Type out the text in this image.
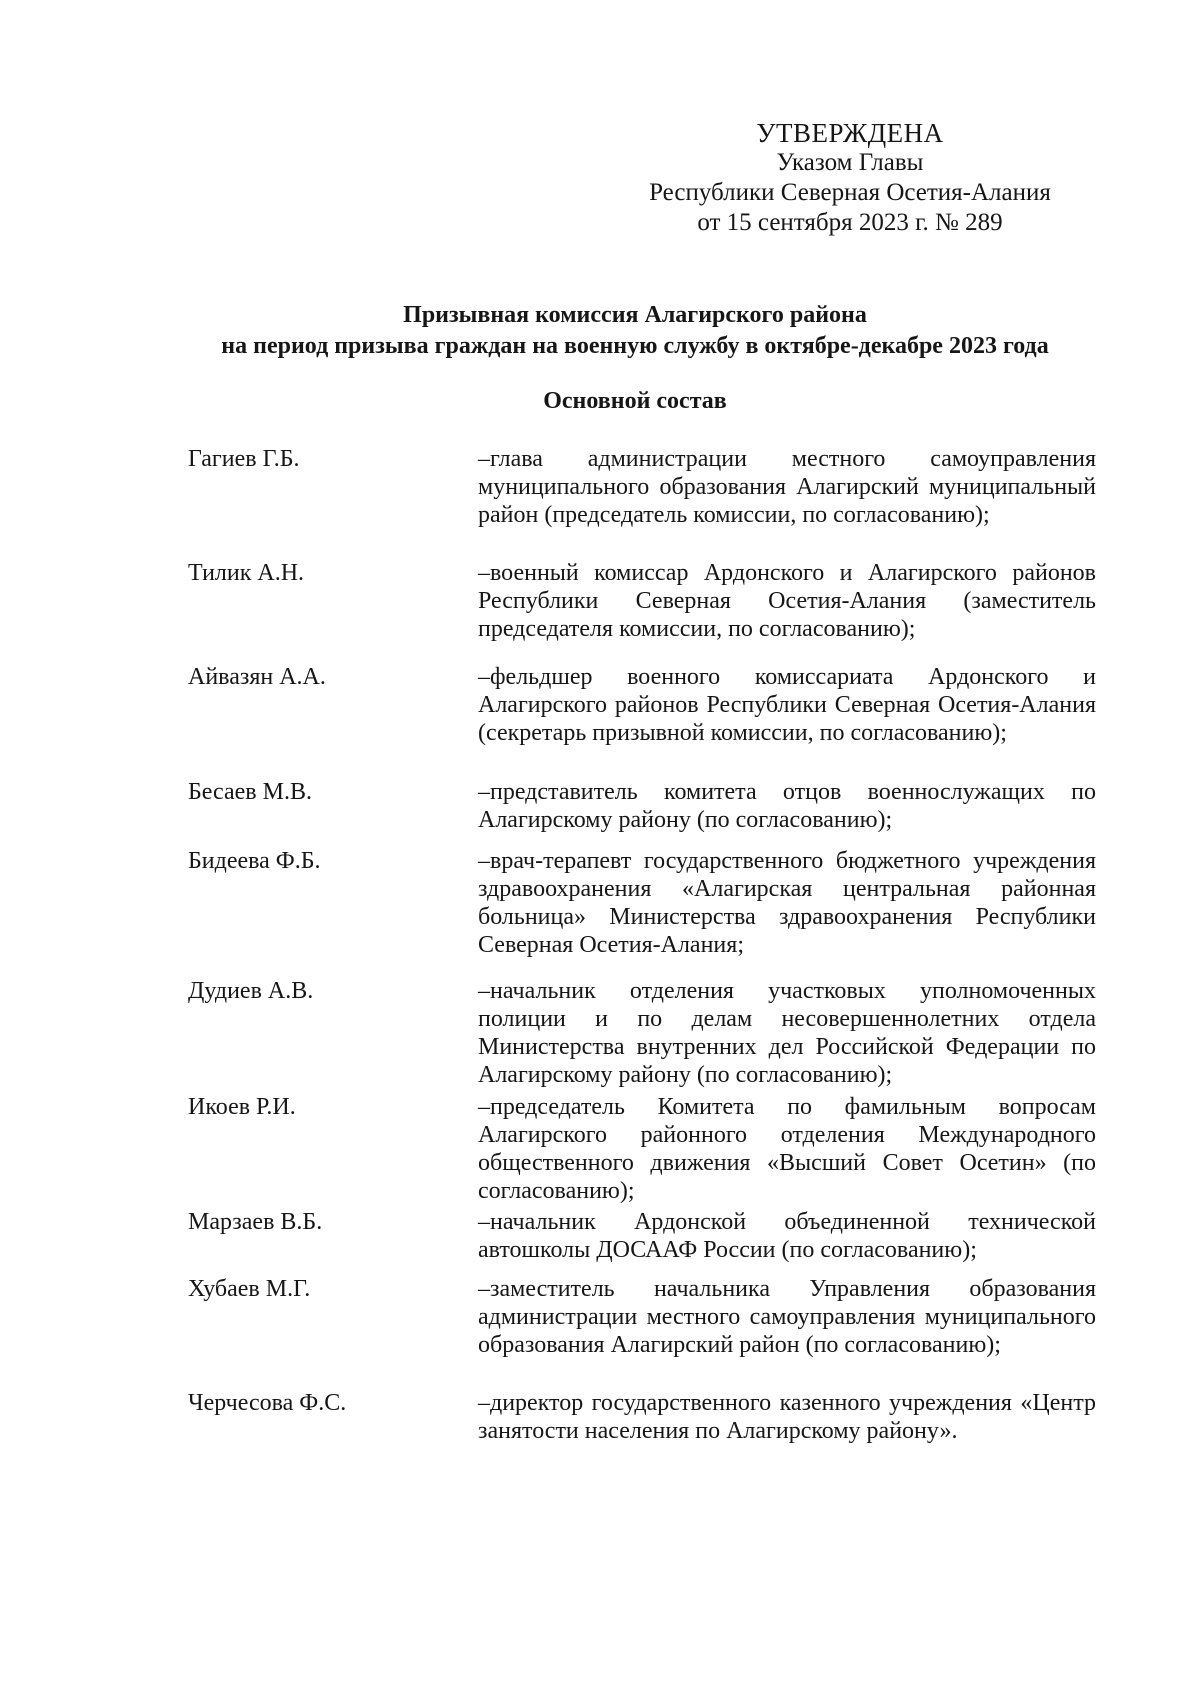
УТВЕРЖДЕНА
Указом Главы
Республики Северная Осетия-Алания
от 15 сентября 2023 г. № 289
Призывная комиссия Алагирского района
на период призыва граждан на военную службу в октябре-декабре 2023 года
Основной состав
Гагиев Г.Б.	–глава администрации местного самоуправления муниципального образования Алагирский муниципальный район (председатель комиссии, по согласованию);
Тилик А.Н.	–военный комиссар Ардонского и Алагирского районов Республики Северная Осетия-Алания (заместитель председателя комиссии, по согласованию);
Айвазян А.А.	–фельдшер военного комиссариата Ардонского и Алагирского районов Республики Северная Осетия-Алания (секретарь призывной комиссии, по согласованию);
Бесаев М.В.	–представитель комитета отцов военнослужащих по Алагирскому району (по согласованию);
Бидеева Ф.Б.	–врач-терапевт государственного бюджетного учреждения здравоохранения «Алагирская центральная районная больница» Министерства здравоохранения Республики Северная Осетия-Алания;
Дудиев А.В.	–начальник отделения участковых уполномоченных полиции и по делам несовершеннолетних отдела Министерства внутренних дел Российской Федерации по Алагирскому району (по согласованию);
Икоев Р.И.	–председатель Комитета по фамильным вопросам Алагирского районного отделения Международного общественного движения «Высший Совет Осетин» (по согласованию);
Марзаев В.Б.	–начальник Ардонской объединенной технической автошколы ДОСААФ России (по согласованию);
Хубаев М.Г.	–заместитель начальника Управления образования администрации местного самоуправления муниципального образования Алагирский район (по согласованию);
Черчесова Ф.С.	–директор государственного казенного учреждения «Центр занятости населения по Алагирскому району».
